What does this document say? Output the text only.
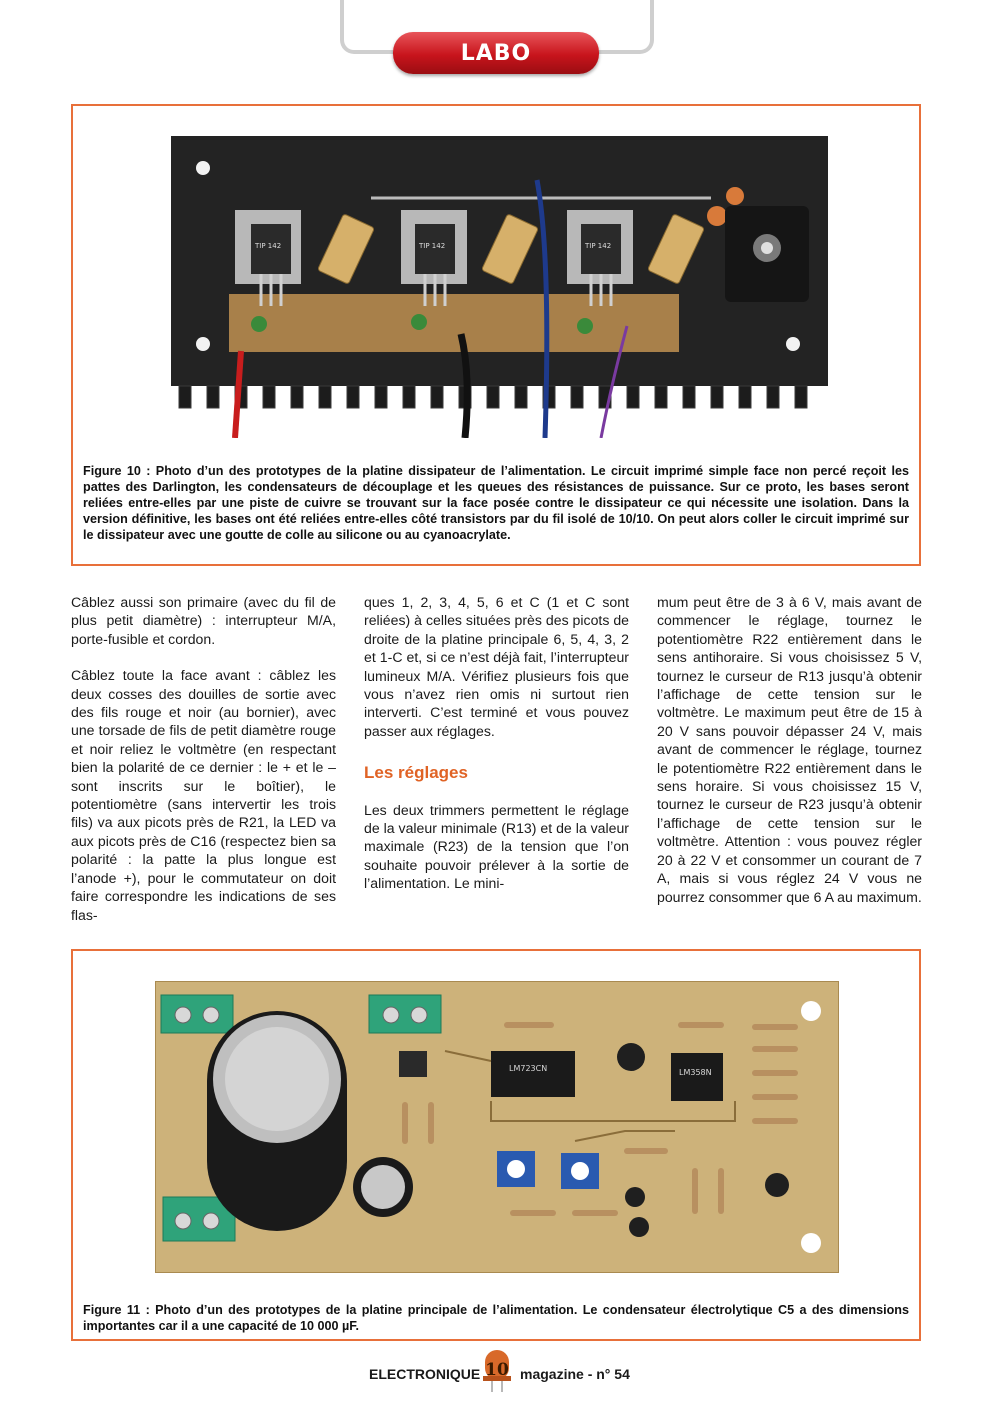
LABO
TIP 142	TIP 142	TIP 142
Figure 10 : Photo d’un des prototypes de la platine dissipateur de l’alimentation. Le circuit imprimé simple face non percé reçoit les pattes des Darlington, les condensateurs de découplage et les queues des résistances de puissance. Sur ce proto, les bases seront reliées entre-elles par une piste de cuivre se trouvant sur la face posée contre le dissipateur ce qui nécessite une isolation. Dans la version définitive, les bases ont été reliées entre-elles côté transistors par du fil isolé de 10/10. On peut alors coller le circuit imprimé sur le dissipateur avec une goutte de colle au silicone ou au cyanoacrylate.

Câblez aussi son primaire (avec du fil de plus petit diamètre) : interrupteur M/A, porte-fusible et cordon.

Câblez toute la face avant : câblez les deux cosses des douilles de sortie avec des fils rouge et noir (au bornier), avec une torsade de fils de petit diamètre rouge et noir reliez le voltmètre (en respectant bien la polarité de ce dernier : le + et le – sont inscrits sur le boîtier), le potentiomètre (sans intervertir les trois fils) va aux picots près de R21, la LED va aux picots près de C16 (respectez bien sa polarité : la patte la plus longue est l’anode +), pour le commutateur on doit faire correspondre les indications de ses flas-

ques 1, 2, 3, 4, 5, 6 et C (1 et C sont reliées) à celles situées près des picots de droite de la platine principale 6, 5, 4, 3, 2 et 1-C et, si ce n’est déjà fait, l’interrupteur lumineux M/A. Vérifiez plusieurs fois que vous n’avez rien omis ni surtout rien interverti. C’est terminé et vous pouvez passer aux réglages.

Les réglages

Les deux trimmers permettent le réglage de la valeur minimale (R13) et de la valeur maximale (R23) de la tension que l’on souhaite pouvoir prélever à la sortie de l’alimentation. Le mini-

mum peut être de 3 à 6 V, mais avant de commencer le réglage, tournez le potentiomètre R22 entièrement dans le sens antihoraire. Si vous choisissez 5 V, tournez le curseur de R13 jusqu’à obtenir l’affichage de cette tension sur le voltmètre. Le maximum peut être de 15 à 20 V sans pouvoir dépasser 24 V, mais avant de commencer le réglage, tournez le potentiomètre R22 entièrement dans le sens horaire. Si vous choisissez 15 V, tournez le curseur de R23 jusqu’à obtenir l’affichage de cette tension sur le voltmètre. Attention : vous pouvez régler 20 à 22 V et consommer un courant de 7 A, mais si vous réglez 24 V vous ne pourrez consommer que 6 A au maximum.

LM723CN	LM358N
Figure 11 : Photo d’un des prototypes de la platine principale de l’alimentation. Le condensateur électrolytique C5 a des dimensions importantes car il a une capacité de 10 000 µF.
ELECTRONIQUE 10 magazine - n° 54
